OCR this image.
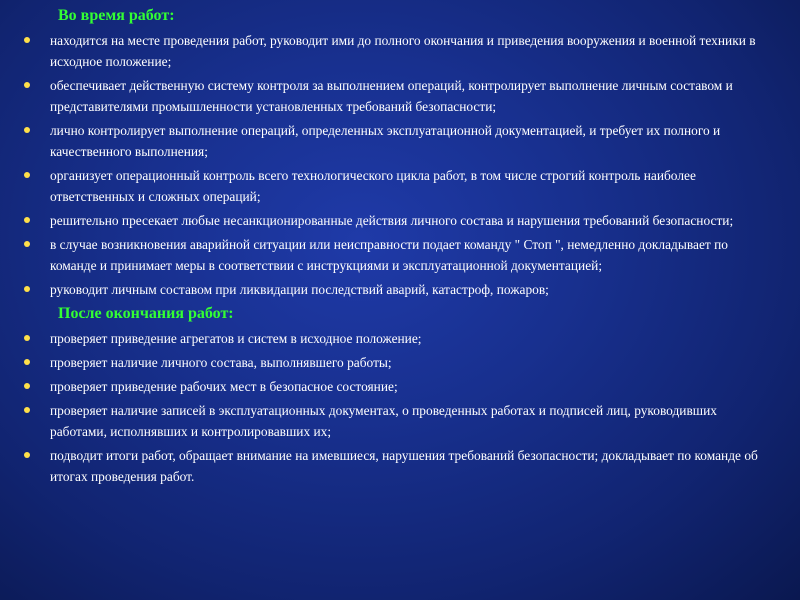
Во время работ:
находится на месте проведения работ, руководит ими до полного окончания и приведения вооружения и военной техники в исходное положение;
обеспечивает действенную систему контроля за выполнением операций, контролирует выполнение личным составом и представителями промышленности установленных требований безопасности;
лично контролирует выполнение операций, определенных эксплуатационной документацией, и требует их полного и качественного выполнения;
организует операционный контроль всего технологического цикла работ, в том числе строгий контроль наиболее ответственных и сложных операций;
решительно пресекает любые несанкционированные действия личного состава и нарушения требований безопасности;
в случае возникновения аварийной ситуации или неисправности подает команду " Стоп ", немедленно докладывает по команде и принимает меры в соответствии с инструкциями и эксплуатационной документацией;
руководит личным составом при ликвидации последствий аварий, катастроф, пожаров;
После окончания работ:
проверяет приведение агрегатов и систем в исходное положение;
проверяет наличие личного состава, выполнявшего работы;
проверяет приведение рабочих мест в безопасное состояние;
проверяет наличие записей в эксплуатационных документах, о проведенных работах и подписей лиц, руководивших работами, исполнявших и контролировавших их;
подводит итоги работ, обращает внимание на имевшиеся, нарушения требований безопасности; докладывает по команде об итогах проведения работ.
